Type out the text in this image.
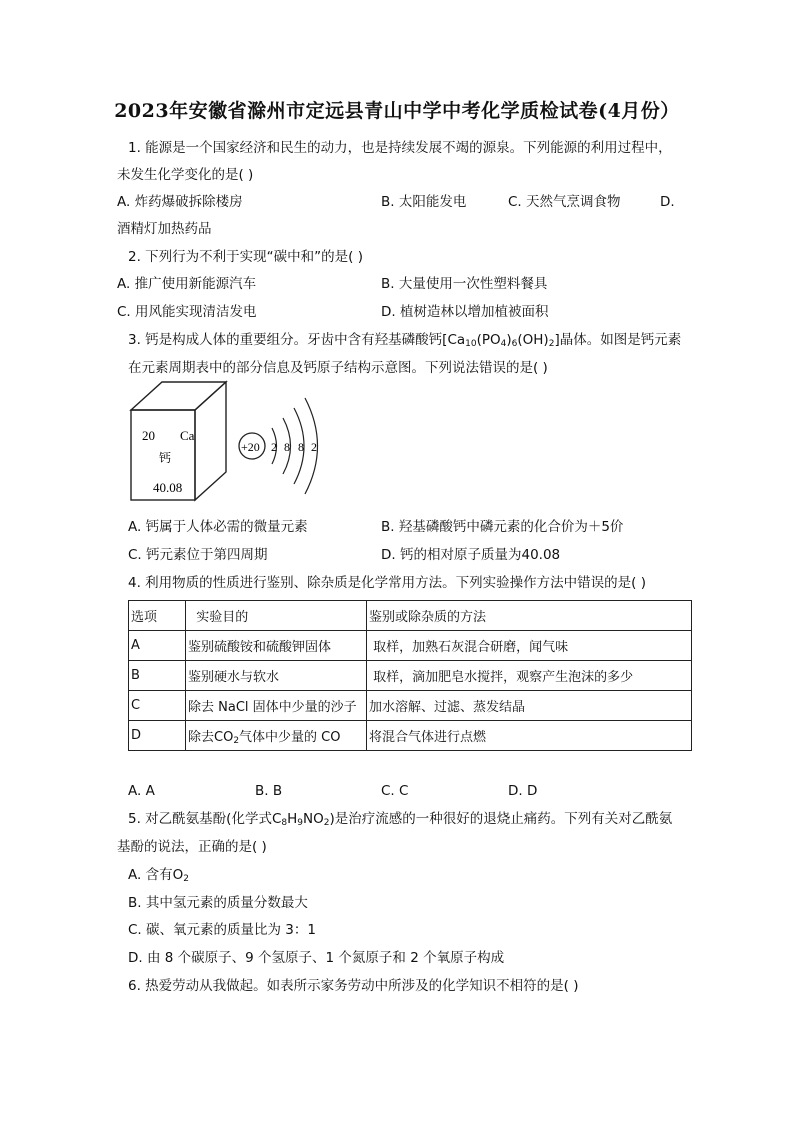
2023年安徽省滁州市定远县青山中学中考化学质检试卷(4月份）
1. 能源是一个国家经济和民生的动力，也是持续发展不竭的源泉。下列能源的利用过程中，
未发生化学变化的是( )
A. 炸药爆破拆除楼房	B. 太阳能发电	C. 天然气烹调食物	D.
酒精灯加热药品
2. 下列行为不利于实现“碳中和”的是( )
A. 推广使用新能源汽车	B. 大量使用一次性塑料餐具
C. 用风能实现清洁发电	D. 植树造林以增加植被面积
3. 钙是构成人体的重要组分。牙齿中含有羟基磷酸钙$[Ca_{10}(PO_4)_6(OH)_2]$晶体。如图是钙元素
在元素周期表中的部分信息及钙原子结构示意图。下列说法错误的是( )
20 Ca
钙
40.08
+20 2 8 8 2
A. 钙属于人体必需的微量元素	B. 羟基磷酸钙中磷元素的化合价为＋5价
C. 钙元素位于第四周期	D. 钙的相对原子质量为40.08
4. 利用物质的性质进行鉴别、除杂质是化学常用方法。下列实验操作方法中错误的是( )
选项	实验目的	鉴别或除杂质的方法
A	鉴别硫酸铵和硫酸钾固体	取样，加熟石灰混合研磨，闻气味
B	鉴别硬水与软水	取样，滴加肥皂水搅拌，观察产生泡沫的多少
C	除去 NaCl 固体中少量的沙子	加水溶解、过滤、蒸发结晶
D	除去$CO_2$气体中少量的 CO	将混合气体进行点燃
A. A	B. B	C. C	D. D
5. 对乙酰氨基酚(化学式$C_8H_9NO_2$)是治疗流感的一种很好的退烧止痛药。下列有关对乙酰氨
基酚的说法，正确的是( )
A. 含有$O_2$
B. 其中氢元素的质量分数最大
C. 碳、氧元素的质量比为 3：1
D. 由 8 个碳原子、9 个氢原子、1 个氮原子和 2 个氧原子构成
6. 热爱劳动从我做起。如表所示家务劳动中所涉及的化学知识不相符的是( )
